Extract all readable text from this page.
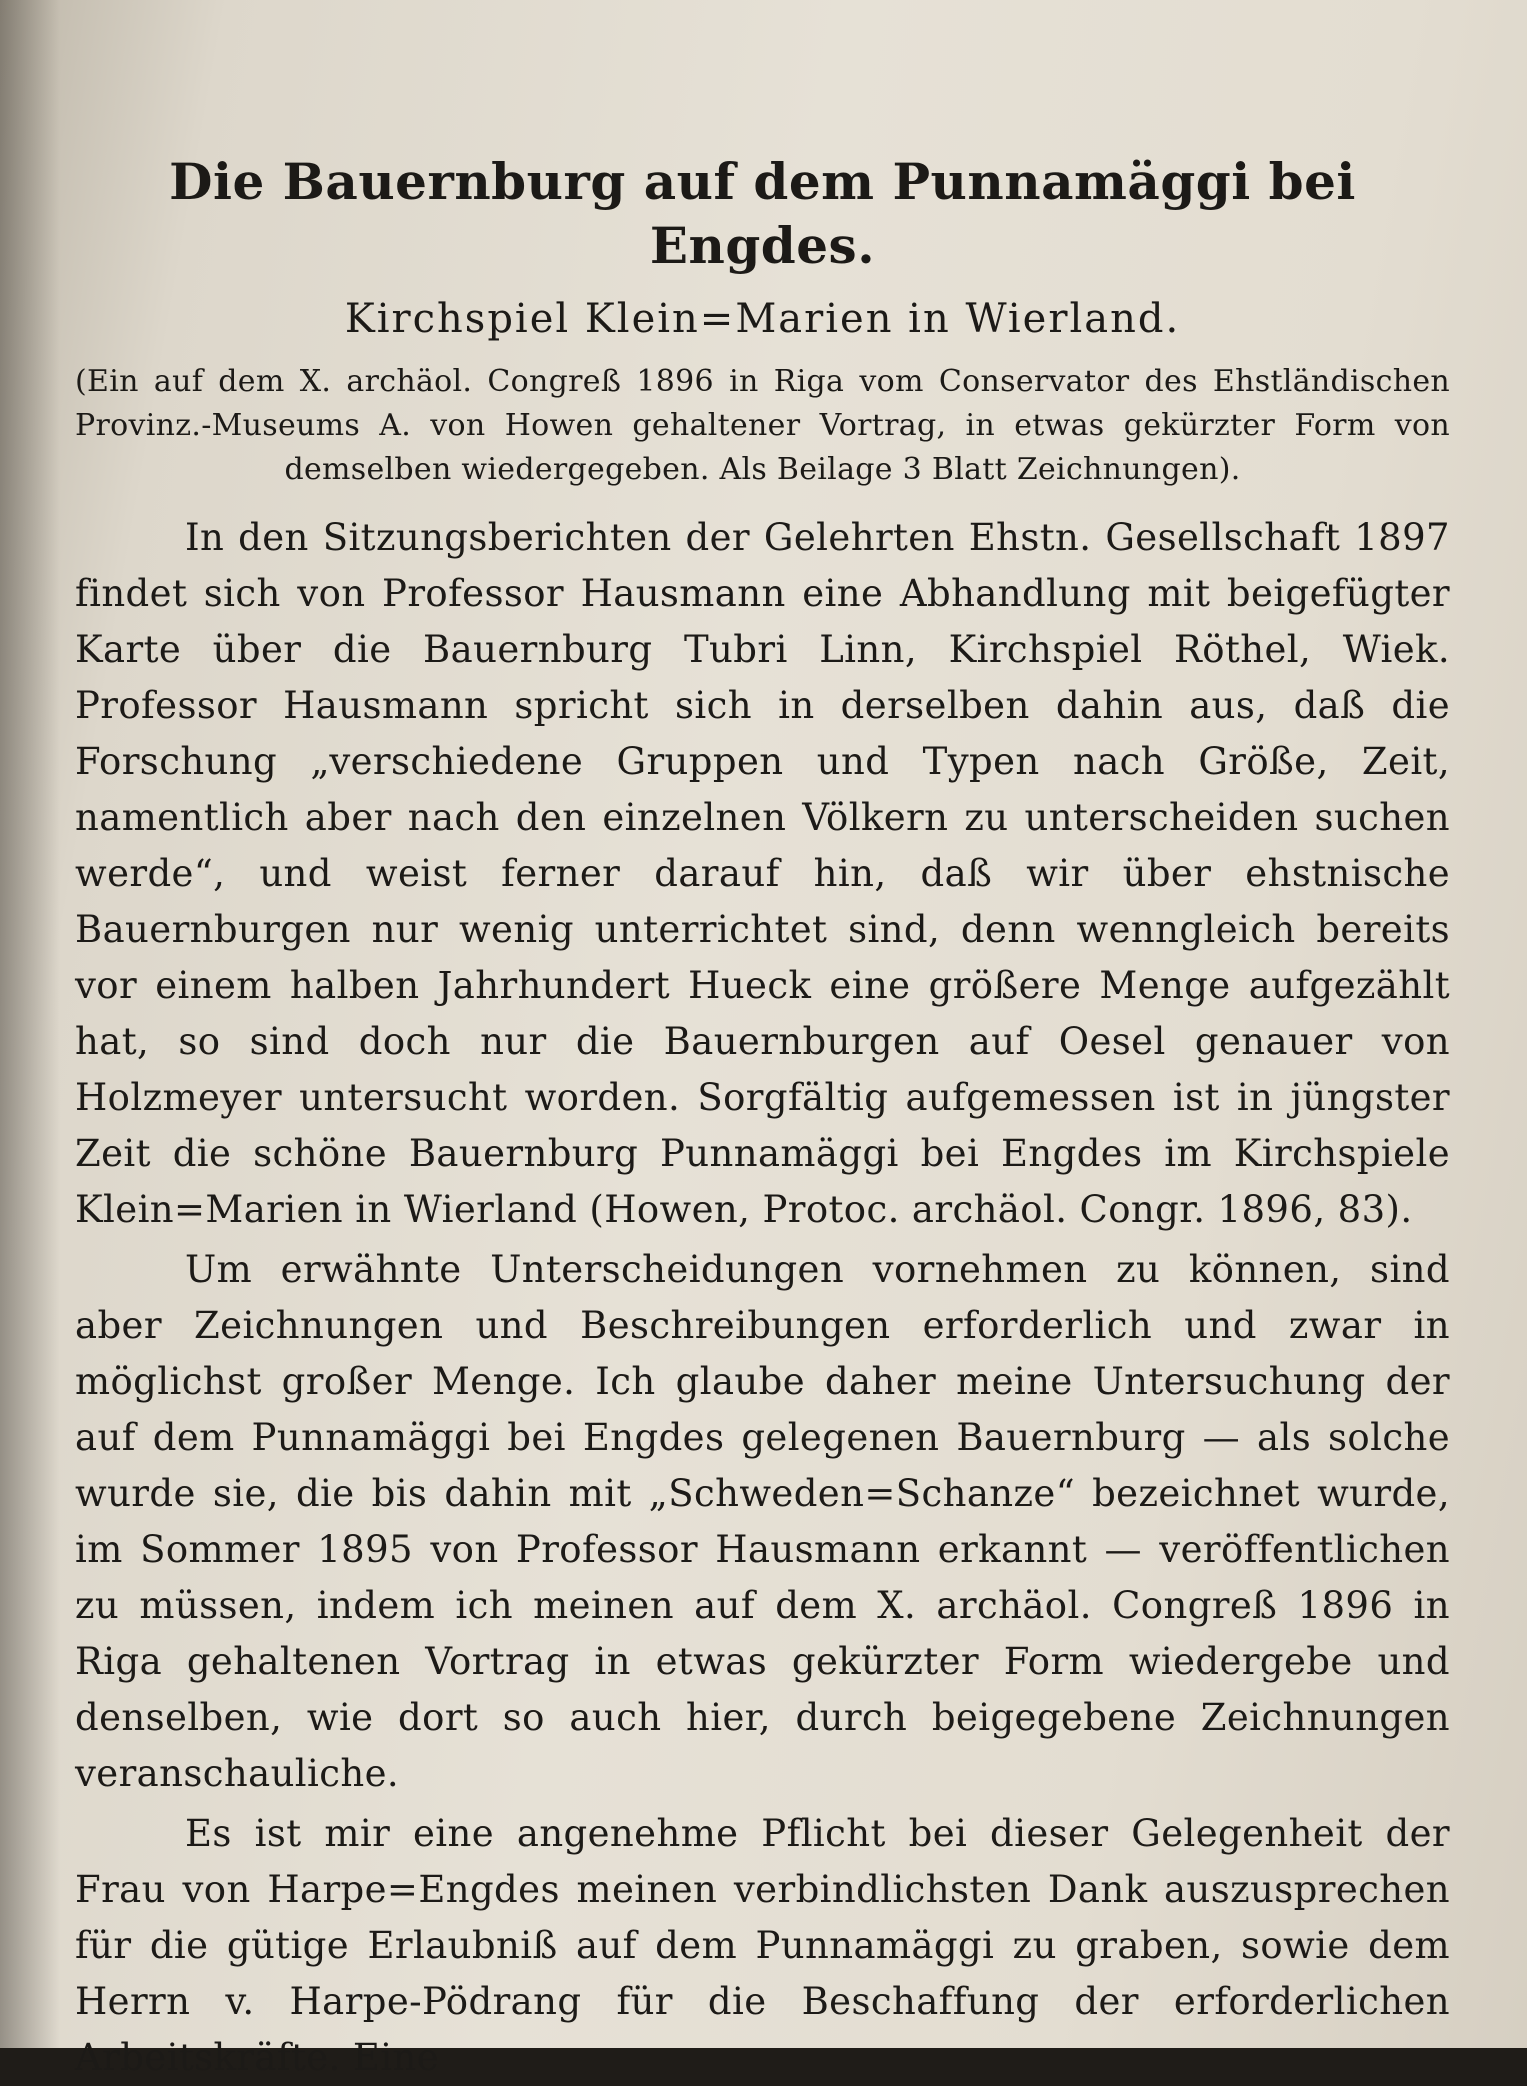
Die Bauernburg auf dem Punnamäggi bei Engdes.
Kirchspiel Klein=Marien in Wierland.
(Ein auf dem X. archäol. Congreß 1896 in Riga vom Conservator des Ehstländischen Provinz.-Museums A. von Howen gehaltener Vortrag, in etwas gekürzter Form von demselben wiedergegeben. Als Beilage 3 Blatt Zeichnungen).

In den Sitzungsberichten der Gelehrten Ehstn. Gesellschaft 1897 findet sich von Professor Hausmann eine Abhandlung mit beigefügter Karte über die Bauernburg Tubri Linn, Kirchspiel Röthel, Wiek. Professor Hausmann spricht sich in derselben dahin aus, daß die Forschung „verschiedene Gruppen und Typen nach Größe, Zeit, namentlich aber nach den einzelnen Völkern zu unterscheiden suchen werde“, und weist ferner darauf hin, daß wir über ehstnische Bauernburgen nur wenig unterrichtet sind, denn wenngleich bereits vor einem halben Jahrhundert Hueck eine größere Menge aufgezählt hat, so sind doch nur die Bauernburgen auf Oesel genauer von Holzmeyer untersucht worden. Sorgfältig aufgemessen ist in jüngster Zeit die schöne Bauernburg Punnamäggi bei Engdes im Kirchspiele Klein=Marien in Wierland (Howen, Protoc. archäol. Congr. 1896, 83).

Um erwähnte Unterscheidungen vornehmen zu können, sind aber Zeichnungen und Beschreibungen erforderlich und zwar in möglichst großer Menge. Ich glaube daher meine Untersuchung der auf dem Punnamäggi bei Engdes gelegenen Bauernburg — als solche wurde sie, die bis dahin mit „Schweden=Schanze“ bezeichnet wurde, im Sommer 1895 von Professor Hausmann erkannt — veröffentlichen zu müssen, indem ich meinen auf dem X. archäol. Congreß 1896 in Riga gehaltenen Vortrag in etwas gekürzter Form wiedergebe und denselben, wie dort so auch hier, durch beigegebene Zeichnungen veranschauliche.

Es ist mir eine angenehme Pflicht bei dieser Gelegenheit der Frau von Harpe=Engdes meinen verbindlichsten Dank auszusprechen für die gütige Erlaubniß auf dem Punnamäggi zu graben, sowie dem Herrn v. Harpe-Pödrang für die Beschaffung der erforderlichen Arbeitskräfte. Eine
